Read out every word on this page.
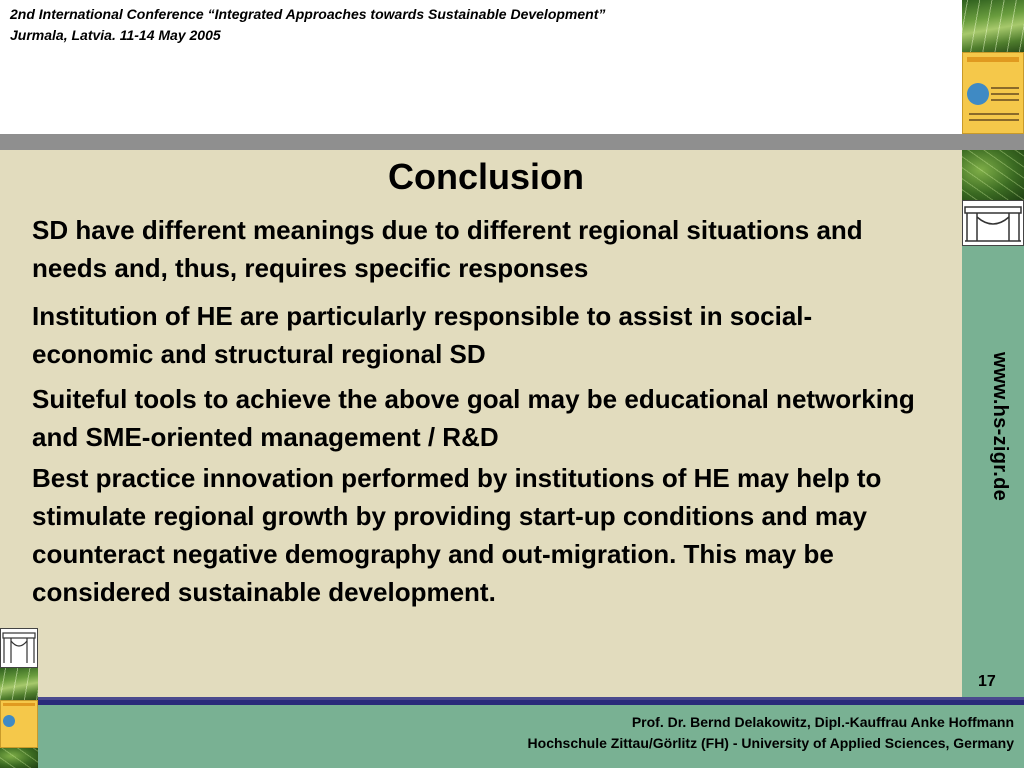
2nd International Conference “Integrated Approaches towards Sustainable Development”
Jurmala, Latvia. 11-14 May 2005
www.hs-zigr.de
17
Conclusion
SD have different meanings due to different regional situations and needs and, thus, requires specific responses
Institution of HE are particularly responsible to assist in social-economic and structural regional SD
Suiteful tools to achieve the above goal may be educational networking and SME-oriented management / R&D
Best practice innovation performed by institutions of HE may help to stimulate regional growth by providing start-up conditions and may counteract negative demography and out-migration. This may be considered sustainable development.
Prof. Dr. Bernd Delakowitz, Dipl.-Kauffrau Anke Hoffmann
Hochschule Zittau/Görlitz (FH) - University of Applied Sciences, Germany
